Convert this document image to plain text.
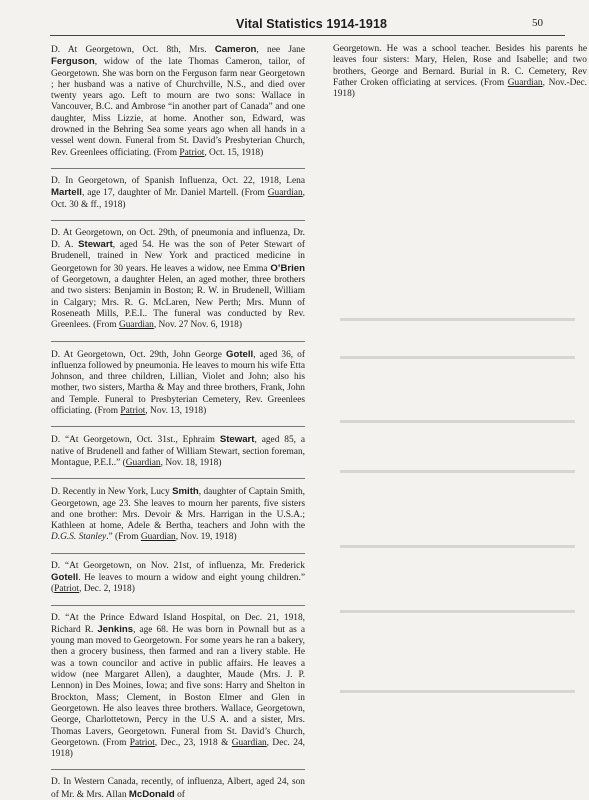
Vital Statistics 1914-1918	50

D. At Georgetown, Oct. 8th, Mrs. Cameron, nee Jane Ferguson, widow of the late Thomas Cameron, tailor, of Georgetown. She was born on the Ferguson farm near Georgetown ; her husband was a native of Churchville, N.S., and died over twenty years ago. Left to mourn are two sons: Wallace in Vancouver, B.C. and Ambrose “in another part of Canada” and one daughter, Miss Lizzie, at home. Another son, Edward, was drowned in the Behring Sea some years ago when all hands in a vessel went down. Funeral from St. David’s Presbyterian Church, Rev. Greenlees officiating. (From Patriot, Oct. 15, 1918)

D. In Georgetown, of Spanish Influenza, Oct. 22, 1918, Lena Martell, age 17, daughter of Mr. Daniel Martell. (From Guardian, Oct. 30 & ff., 1918)

D. At Georgetown, on Oct. 29th, of pneumonia and influenza, Dr. D. A. Stewart, aged 54. He was the son of Peter Stewart of Brudenell, trained in New York and practiced medicine in Georgetown for 30 years. He leaves a widow, nee Emma O’Brien of Georgetown, a daughter Helen, an aged mother, three brothers and two sisters: Benjamin in Boston; R. W. in Brudenell, William in Calgary; Mrs. R. G. McLaren, New Perth; Mrs. Munn of Roseneath Mills, P.E.I.. The funeral was conducted by Rev. Greenlees. (From Guardian, Nov. 27 Nov. 6, 1918)

D. At Georgetown, Oct. 29th, John George Gotell, aged 36, of influenza followed by pneumonia. He leaves to mourn his wife Etta Johnson, and three children, Lillian, Violet and John; also his mother, two sisters, Martha & May and three brothers, Frank, John and Temple. Funeral to Presbyterian Cemetery, Rev. Greenlees officiating. (From Patriot, Nov. 13, 1918)

D. “At Georgetown, Oct. 31st., Ephraim Stewart, aged 85, a native of Brudenell and father of William Stewart, section foreman, Montague, P.E.I..” (Guardian, Nov. 18, 1918)

D. Recently in New York, Lucy Smith, daughter of Captain Smith, Georgetown, age 23. She leaves to mourn her parents, five sisters and one brother: Mrs. Devoir & Mrs. Harrigan in the U.S.A.; Kathleen at home, Adele & Bertha, teachers and John with the D.G.S. Stanley.” (From Guardian, Nov. 19, 1918)

D. “At Georgetown, on Nov. 21st, of influenza, Mr. Frederick Gotell. He leaves to mourn a widow and eight young children.” (Patriot, Dec. 2, 1918)

D. “At the Prince Edward Island Hospital, on Dec. 21, 1918, Richard R. Jenkins, age 68. He was born in Pownall but as a young man moved to Georgetown. For some years he ran a bakery, then a grocery business, then farmed and ran a livery stable. He was a town councilor and active in public affairs. He leaves a widow (nee Margaret Allen), a daughter, Maude (Mrs. J. P. Lennon) in Des Moines, Iowa; and five sons: Harry and Shelton in Brockton, Mass; Clement, in Boston Elmer and Glen in Georgetown. He also leaves three brothers. Wallace, Georgetown, George, Charlottetown, Percy in the U.S A. and a sister, Mrs. Thomas Lavers, Georgetown. Funeral from St. David’s Church, Georgetown. (From Patriot, Dec., 23, 1918 & Guardian, Dec. 24, 1918)

D. In Western Canada, recently, of influenza, Albert, aged 24, son of Mr. & Mrs. Allan McDonald of

Georgetown. He was a school teacher. Besides his parents he leaves four sisters: Mary, Helen, Rose and Isabelle; and two brothers, George and Bernard. Burial in R. C. Cemetery, Rev Father Croken officiating at services. (From Guardian, Nov.-Dec. 1918)
